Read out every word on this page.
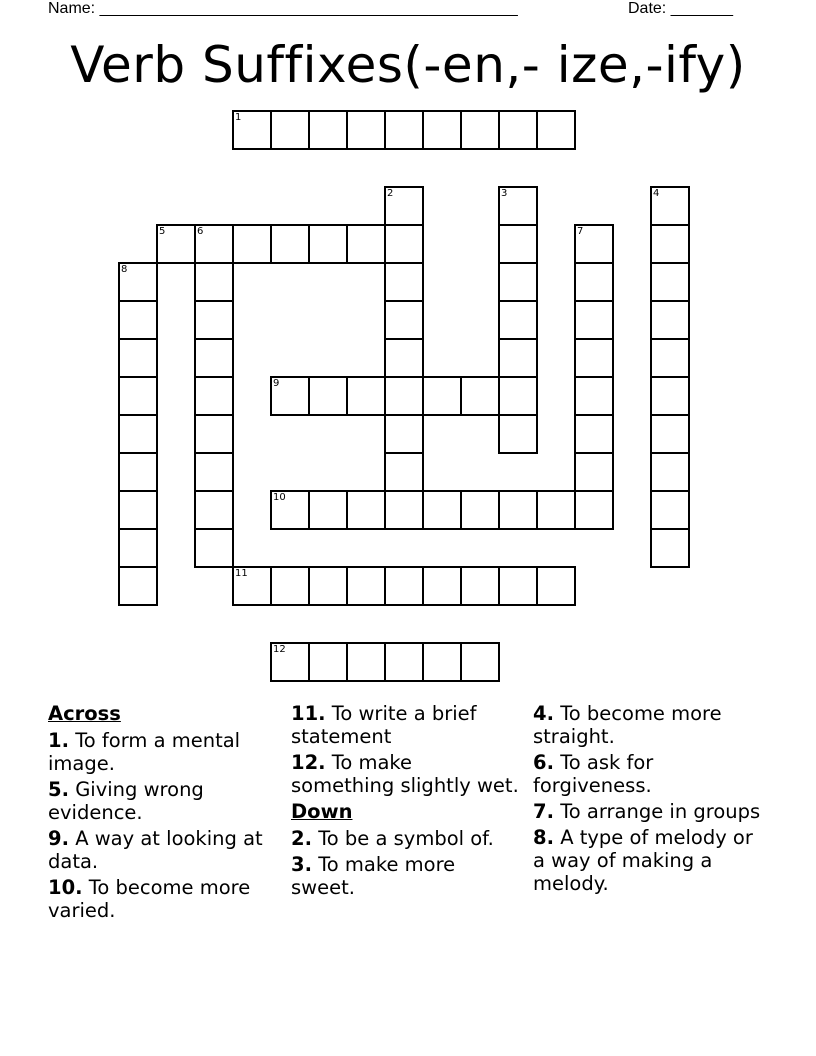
Name: _______________________________________________	Date: _______
Verb Suffixes(-en,- ize,-ify)
1
2	3	4
5	6	7
8
9
10
11
12
Across
1. To form a mental image.
5. Giving wrong evidence.
9. A way at looking at data.
10. To become more varied.
11. To write a brief statement
12. To make something slightly wet.
Down
2. To be a symbol of.
3. To make more sweet.
4. To become more straight.
6. To ask for forgiveness.
7. To arrange in groups
8. A type of melody or a way of making a melody.
